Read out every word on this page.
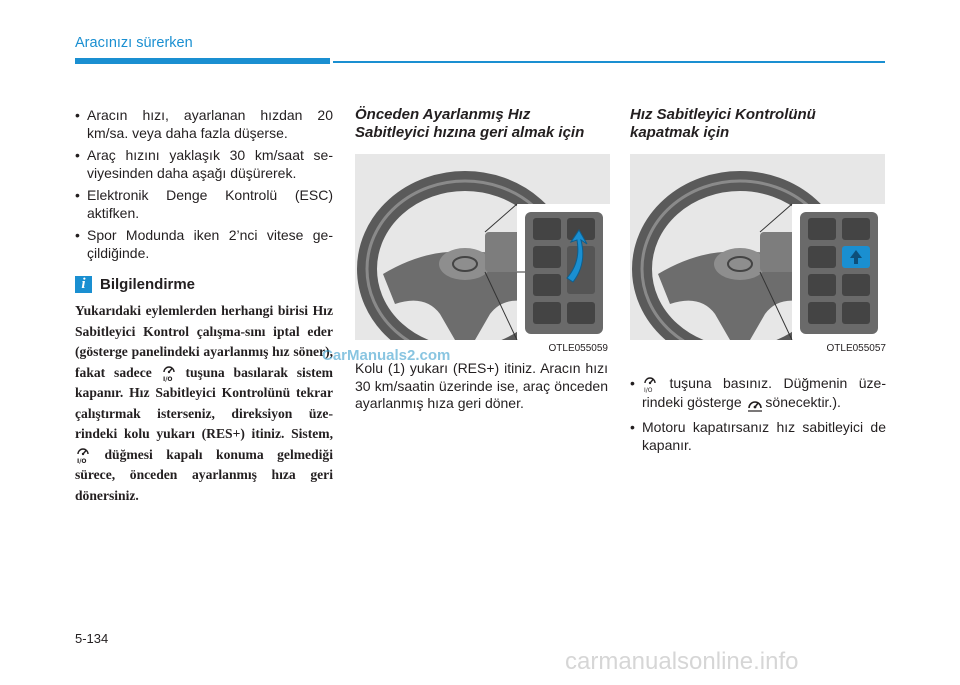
Aracınızı sürerken
• Aracın hızı, ayarlanan hızdan 20 km/sa. veya daha fazla düşerse.
• Araç hızını yaklaşık 30 km/saat se-viyesinden daha aşağı düşürerek.
• Elektronik Denge Kontrolü (ESC) aktifken.
• Spor Modunda iken 2’nci vitese ge-çildiğinde.
i Bilgilendirme
Yukarıdaki eylemlerden herhangi birisi Hız Sabitleyici Kontrol çalışma-sını iptal eder (gösterge panelindeki ayarlanmış hız söner), fakat sadece I/O tuşuna basılarak sistem kapanır. Hız Sabitleyici Kontrolünü tekrar çalıştırmak isterseniz, direksiyon üze-rindeki kolu yukarı (RES+) itiniz. Sistem,
I/O düğmesi kapalı konuma gelmediği sürece, önceden ayarlanmış hıza geri dönersiniz.
Önceden Ayarlanmış Hız Sabitleyici hızına geri almak için
OTLE055059
Kolu (1) yukarı (RES+) itiniz. Aracın hızı 30 km/saatin üzerinde ise, araç önceden ayarlanmış hıza geri döner.
Hız Sabitleyici Kontrolünü kapatmak için
OTLE055057
• I/O tuşuna basınız. Düğmenin üze-rindeki gösterge sönecektir.).
• Motoru kapatırsanız hız sabitleyici de kapanır.
CarManuals2.com
5-134
carmanualsonline.info
